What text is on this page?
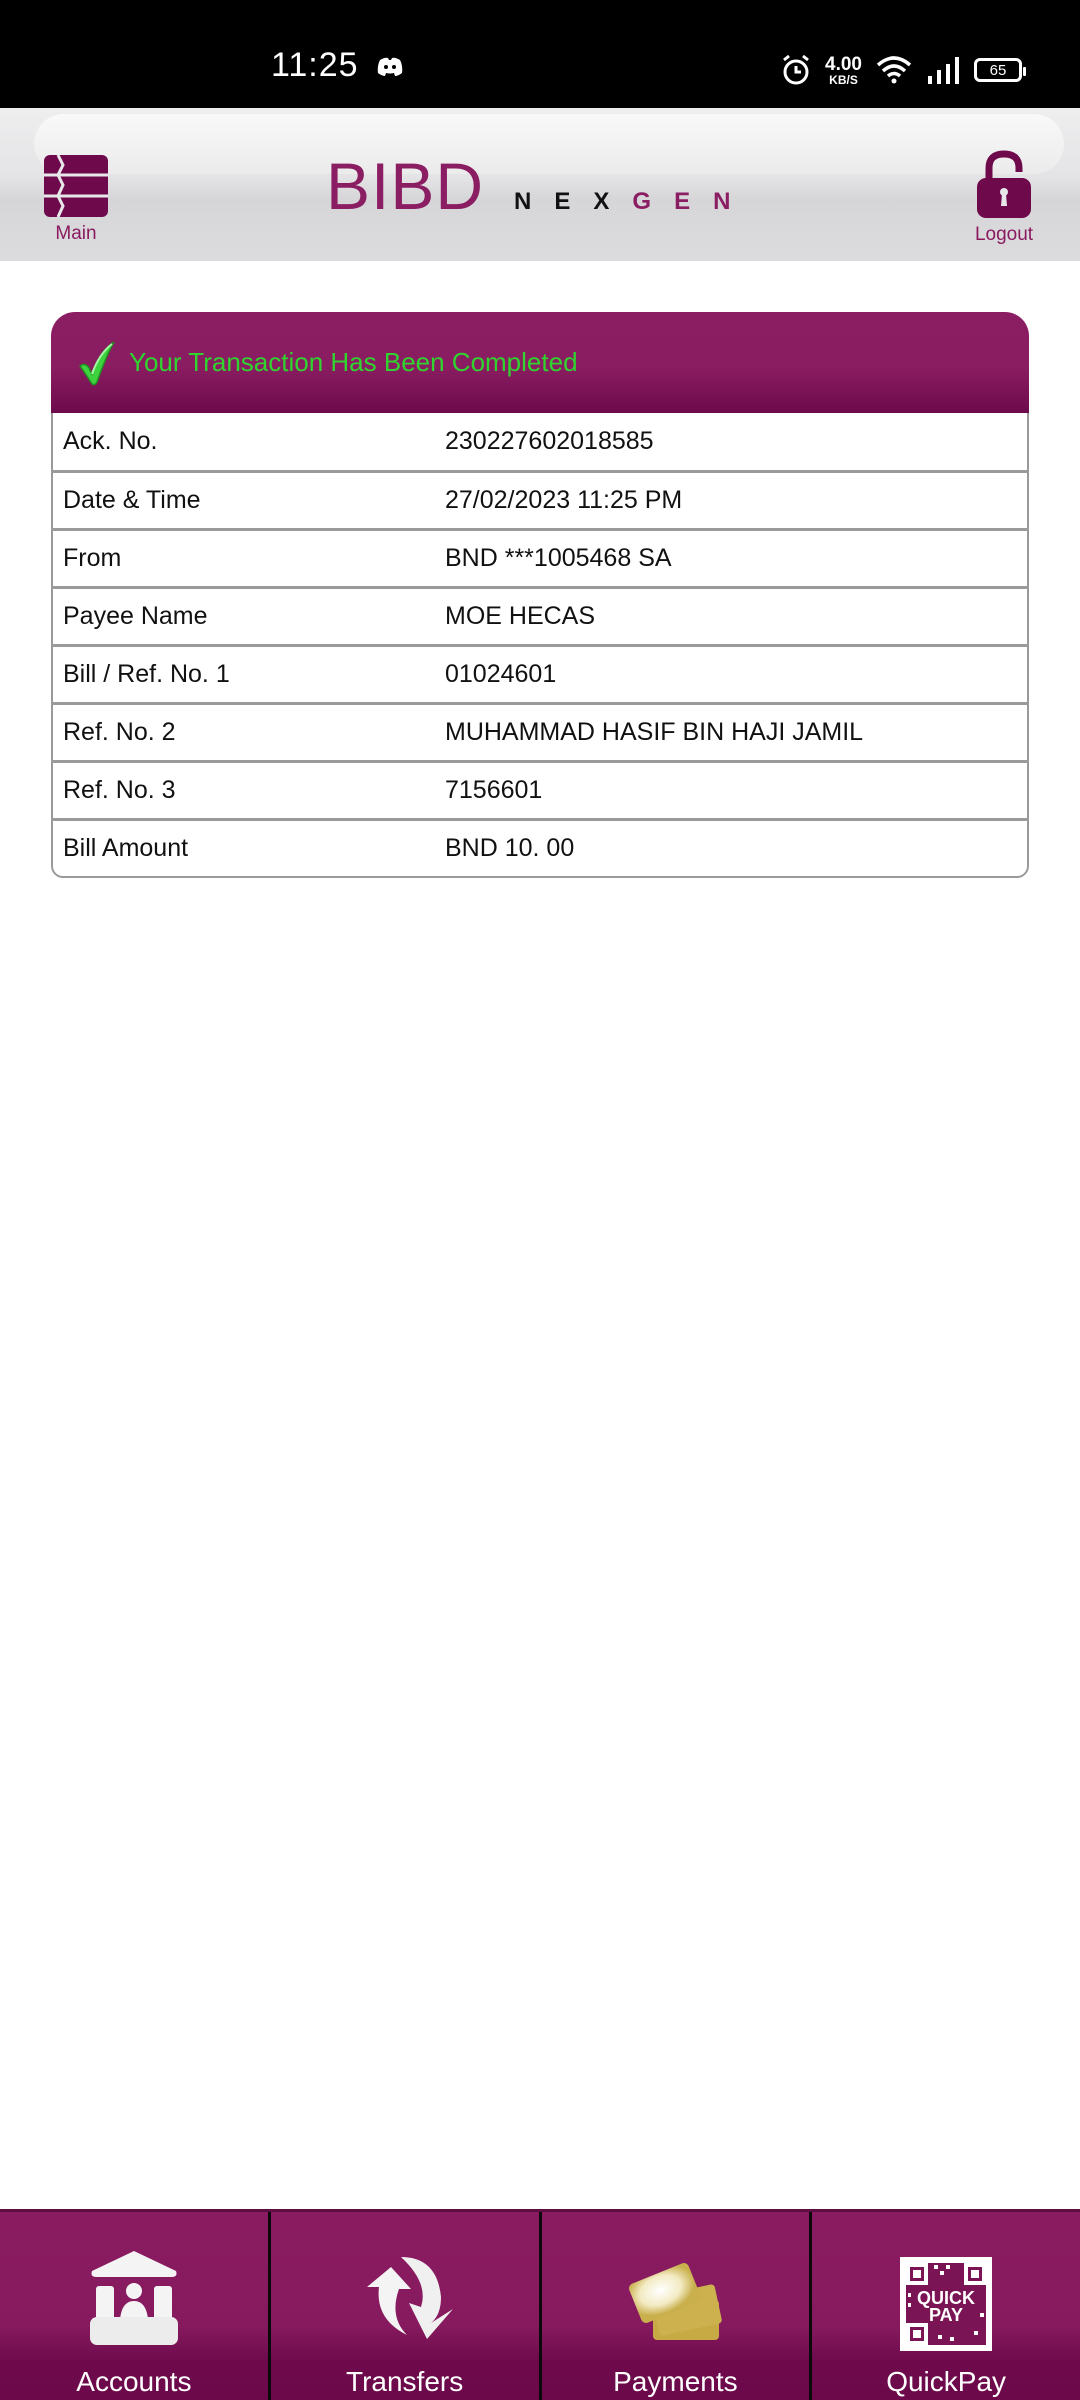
11:25	4.00
KB/S
65
Main
BIBD NEXGEN
Logout
Your Transaction Has Been Completed
Ack. No.	230227602018585
Date & Time	27/02/2023 11:25 PM
From	BND ***1005468 SA
Payee Name	MOE HECAS
Bill / Ref. No. 1	01024601
Ref. No. 2	MUHAMMAD HASIF BIN HAJI JAMIL
Ref. No. 3	7156601
Bill Amount	BND 10. 00
Accounts	Transfers	Payments
QUICK
PAY
QuickPay
